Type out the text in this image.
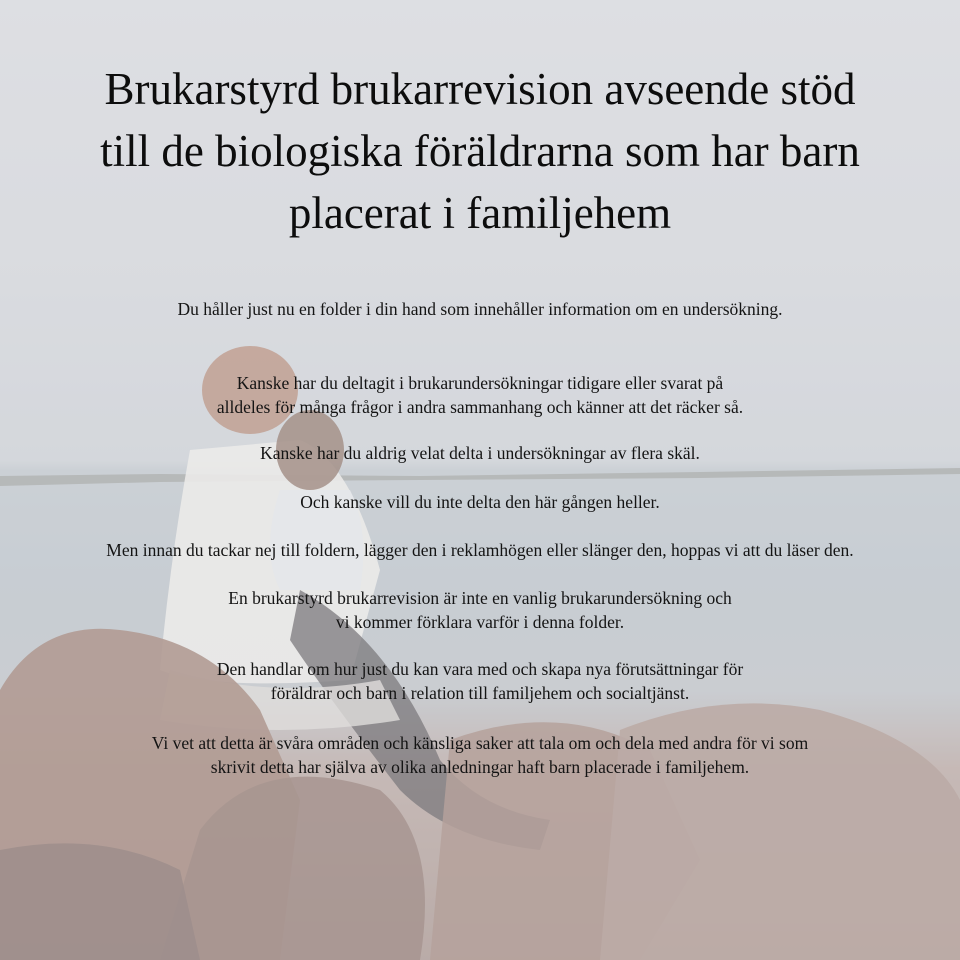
Brukarstyrd brukarrevision avseende stöd
till de biologiska föräldrarna som har barn
placerat i familjehem

Du håller just nu en folder i din hand som innehåller information om en undersökning.

Kanske har du deltagit i brukarundersökningar tidigare eller svarat på
alldeles för många frågor i andra sammanhang och känner att det räcker så.

Kanske har du aldrig velat delta i undersökningar av flera skäl.

Och kanske vill du inte delta den här gången heller.

Men innan du tackar nej till foldern, lägger den i reklamhögen eller slänger den, hoppas vi att du läser den.

En brukarstyrd brukarrevision är inte en vanlig brukarundersökning och
vi kommer förklara varför i denna folder.

Den handlar om hur just du kan vara med och skapa nya förutsättningar för
föräldrar och barn i relation till familjehem och socialtjänst.

Vi vet att detta är svåra områden och känsliga saker att tala om och dela med andra för vi som
skrivit detta har själva av olika anledningar haft barn placerade i familjehem.
